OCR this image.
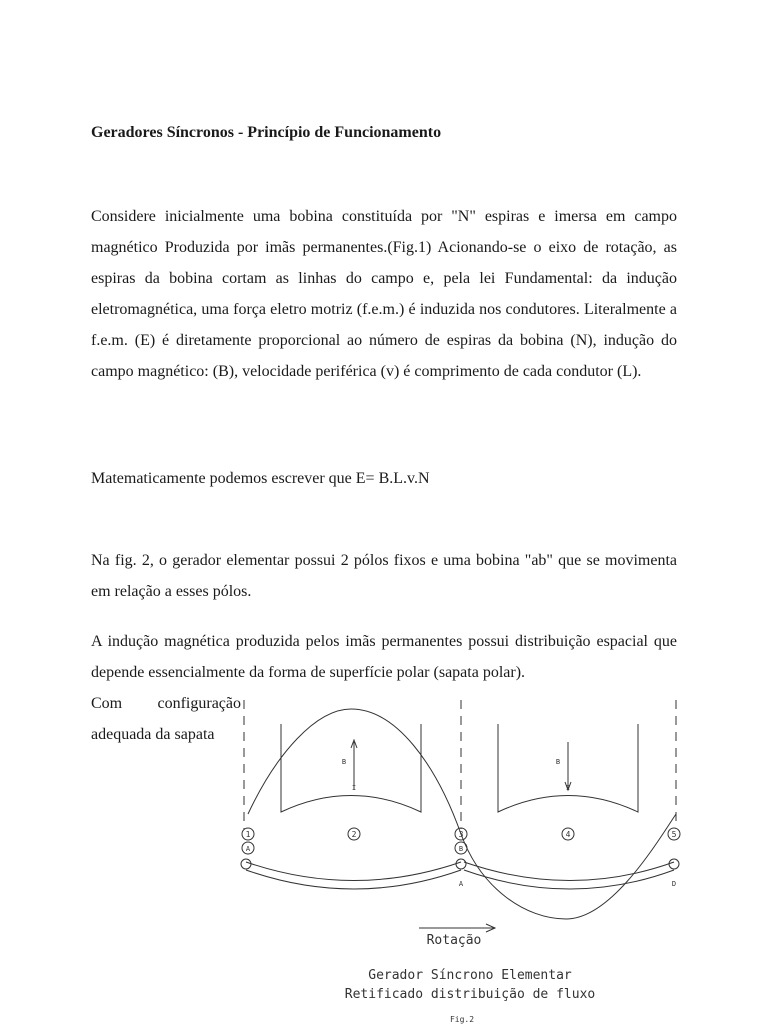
Geradores Síncronos - Princípio de Funcionamento

Considere inicialmente uma bobina constituída por "N" espiras e imersa em campo magnético Produzida por imãs permanentes.(Fig.1) Acionando-se o eixo de rotação, as espiras da bobina cortam as linhas do campo e, pela lei Fundamental: da indução eletromagnética, uma força eletro motriz (f.e.m.) é induzida nos condutores. Literalmente a f.e.m. (E) é diretamente proporcional ao número de espiras da bobina (N), indução do campo magnético: (B), velocidade periférica (v) é comprimento de cada condutor (L).

Matematicamente podemos escrever que E= B.L.v.N

Na fig. 2, o gerador elementar possui 2 pólos fixos e uma bobina "ab" que se movimenta em relação a esses pólos.

A indução magnética produzida pelos imãs permanentes possui distribuição espacial que depende essencialmente da forma de superfície polar (sapata polar).

Com configuração
adequada da sapata
B	B
I	I
1	2	3	4	5
A	B
A	D
Rotação
Gerador Síncrono Elementar
Retificado distribuição de fluxo
Fig.2
